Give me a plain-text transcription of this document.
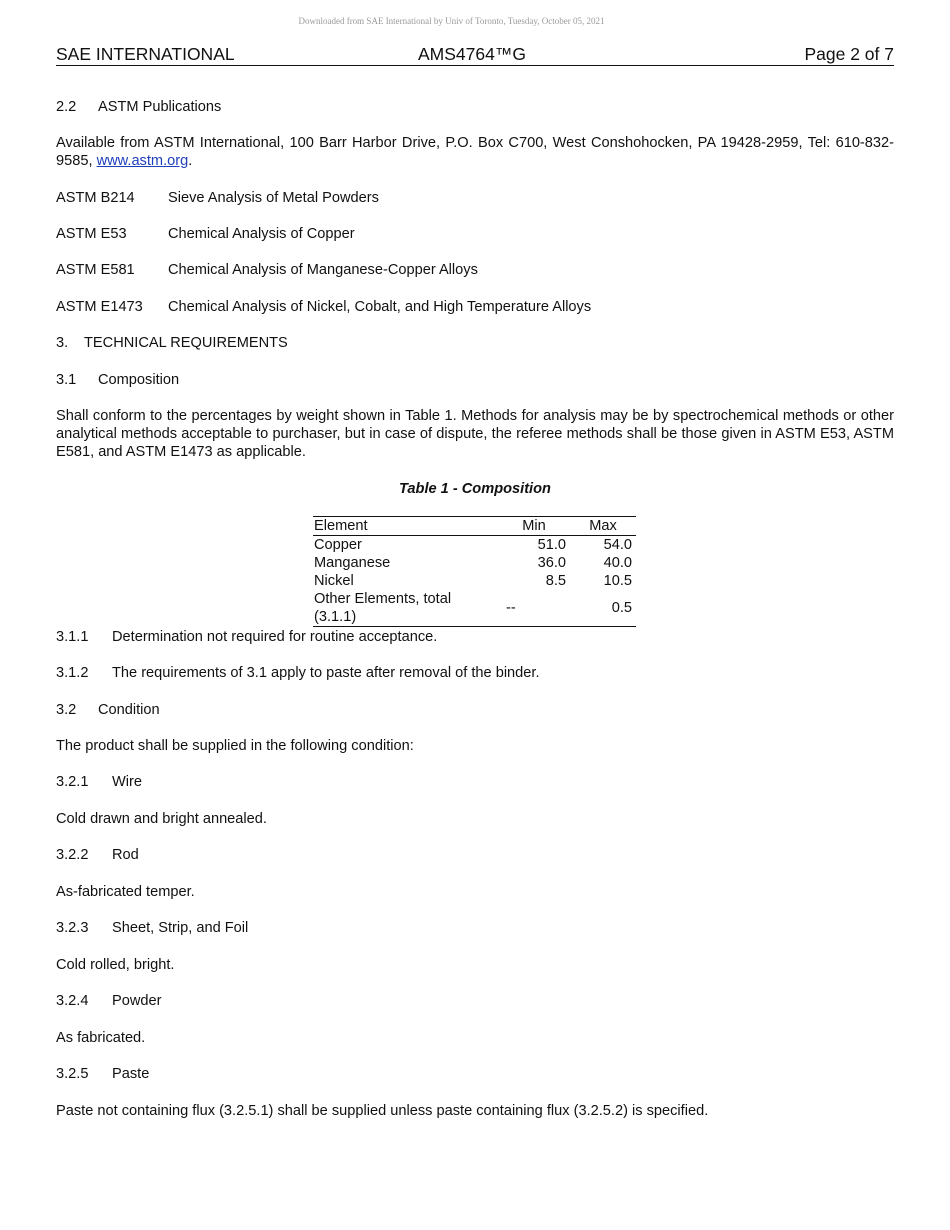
Downloaded from SAE International by Univ of Toronto, Tuesday, October 05, 2021
SAE INTERNATIONAL	AMS4764™G	Page 2 of 7
2.2 ASTM Publications
Available from ASTM International, 100 Barr Harbor Drive, P.O. Box C700, West Conshohocken, PA 19428-2959, Tel: 610-832-9585, www.astm.org.
ASTM B214 Sieve Analysis of Metal Powders
ASTM E53	Chemical Analysis of Copper
ASTM E581 Chemical Analysis of Manganese-Copper Alloys
ASTM E1473 Chemical Analysis of Nickel, Cobalt, and High Temperature Alloys
3. TECHNICAL REQUIREMENTS
3.1 Composition
Shall conform to the percentages by weight shown in Table 1. Methods for analysis may be by spectrochemical methods or other analytical methods acceptable to purchaser, but in case of dispute, the referee methods shall be those given in ASTM E53, ASTM E581, and ASTM E1473 as applicable.
Table 1 - Composition
Element	Min	Max
Copper	51.0	54.0
Manganese	36.0	40.0
Nickel	8.5	10.5
Other Elements, total (3.1.1)	--	0.5
3.1.1 Determination not required for routine acceptance.
3.1.2 The requirements of 3.1 apply to paste after removal of the binder.
3.2 Condition
The product shall be supplied in the following condition:
3.2.1 Wire
Cold drawn and bright annealed.
3.2.2 Rod
As-fabricated temper.
3.2.3 Sheet, Strip, and Foil
Cold rolled, bright.
3.2.4 Powder
As fabricated.
3.2.5 Paste
Paste not containing flux (3.2.5.1) shall be supplied unless paste containing flux (3.2.5.2) is specified.
